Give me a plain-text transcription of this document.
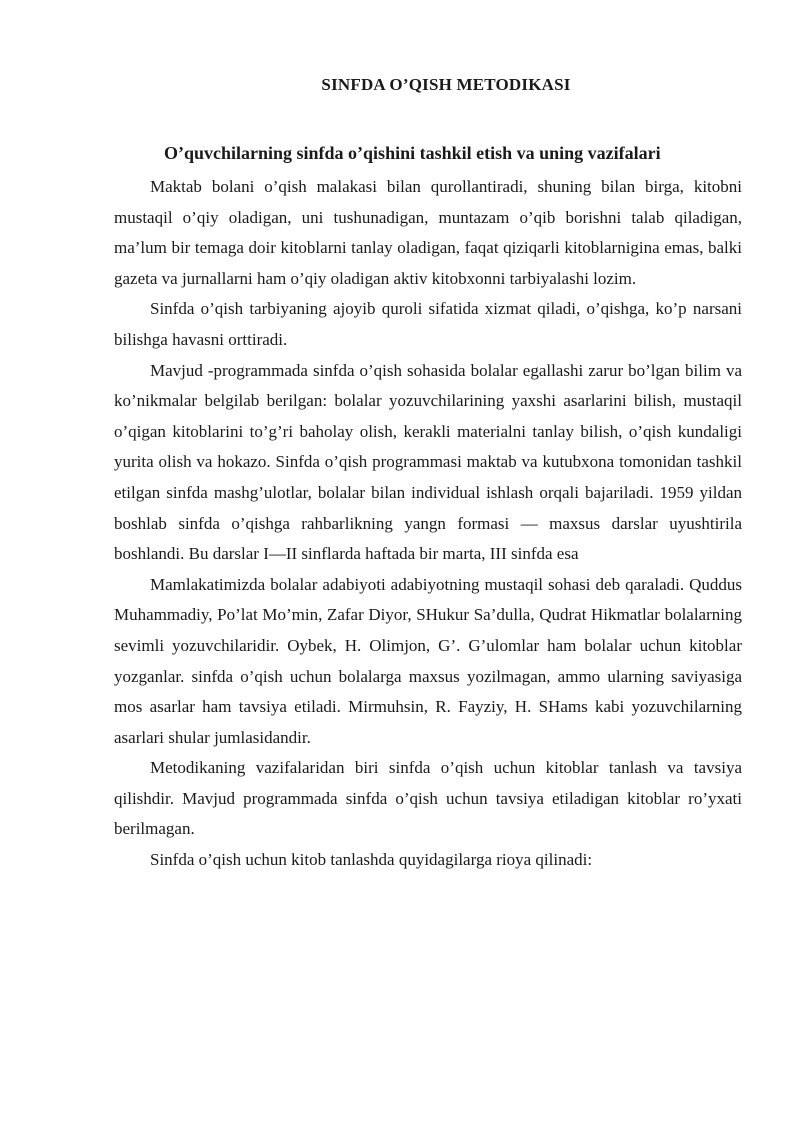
SINFDA O’QISH METODIKASI
O’quvchilarning sinfda o’qishini tashkil etish va uning vazifalari

Maktab bolani o’qish malakasi bilan qurollantiradi, shuning bilan birga, kitobni mustaqil o’qiy oladigan, uni tushunadigan, muntazam o’qib borishni talab qiladigan, ma’lum bir temaga doir kitoblarni tanlay oladigan, faqat qiziqarli kitoblarnigina emas, balki gazeta va jurnallarni ham o’qiy oladigan aktiv kitobxonni tarbiyalashi lozim.

Sinfda o’qish tarbiyaning ajoyib quroli sifatida xizmat qiladi, o’qishga, ko’p narsani bilishga havasni orttiradi.

Mavjud -programmada sinfda o’qish sohasida bolalar egallashi zarur bo’lgan bilim va ko’nikmalar belgilab berilgan: bolalar yozuvchilarining yaxshi asarlarini bilish, mustaqil o’qigan kitoblarini to’g’ri baholay olish, kerakli materialni tanlay bilish, o’qish kundaligi yurita olish va hokazo. Sinfda o’qish programmasi maktab va kutubxona tomonidan tashkil etilgan sinfda mashg’ulotlar, bolalar bilan individual ishlash orqali bajariladi. 1959 yildan boshlab sinfda o’qishga rahbarlikning yangn formasi — maxsus darslar uyushtirila boshlandi. Bu darslar I—II sinflarda haftada bir marta, III sinfda esa

Mamlakatimizda bolalar adabiyoti adabiyotning mustaqil sohasi deb qaraladi. Quddus Muhammadiy, Po’lat Mo’min, Zafar Diyor, SHukur Sa’dulla, Qudrat Hikmatlar bolalarning sevimli yozuvchilaridir. Oybek, H. Olimjon, G’. G’ulomlar ham bolalar uchun kitoblar yozganlar. sinfda o’qish uchun bolalarga maxsus yozilmagan, ammo ularning saviyasiga mos asarlar ham tavsiya etiladi. Mirmuhsin, R. Fayziy, H. SHams kabi yozuvchilarning asarlari shular jumlasidandir.

Metodikaning vazifalaridan biri sinfda o’qish uchun kitoblar tanlash va tavsiya qilishdir. Mavjud programmada sinfda o’qish uchun tavsiya etiladigan kitoblar ro’yxati berilmagan.

Sinfda o’qish uchun kitob tanlashda quyidagilarga rioya qilinadi:
